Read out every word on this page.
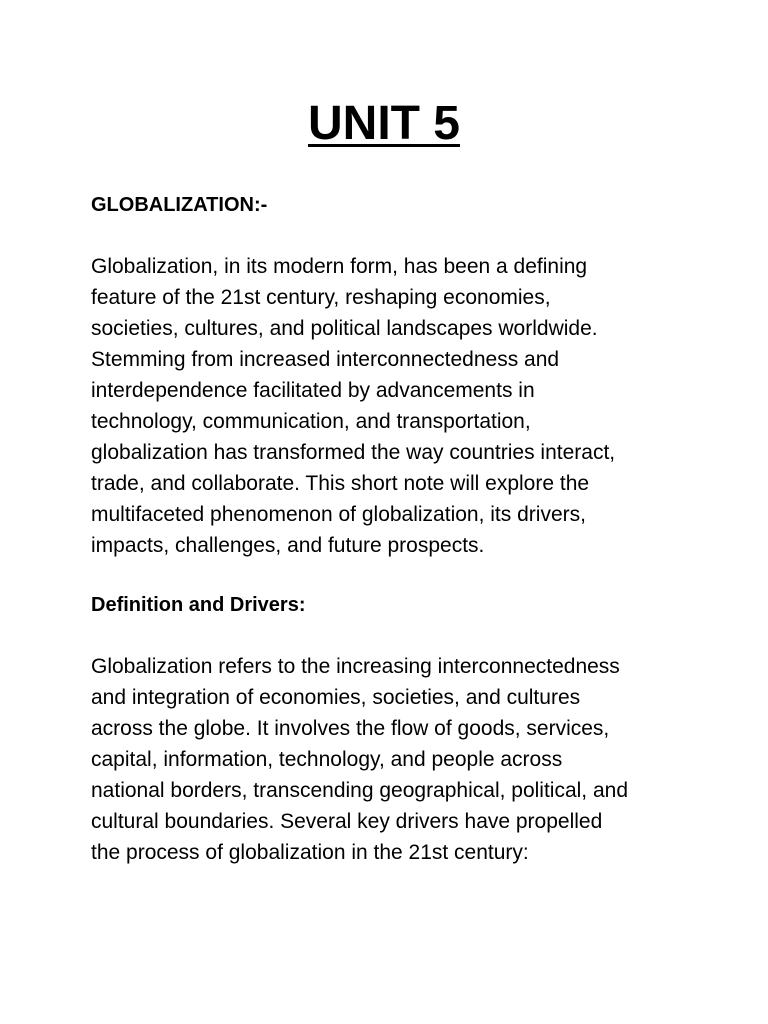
UNIT 5
GLOBALIZATION:-

Globalization, in its modern form, has been a defining
feature of the 21st century, reshaping economies,
societies, cultures, and political landscapes worldwide.
Stemming from increased interconnectedness and
interdependence facilitated by advancements in
technology, communication, and transportation,
globalization has transformed the way countries interact,
trade, and collaborate. This short note will explore the
multifaceted phenomenon of globalization, its drivers,
impacts, challenges, and future prospects.

Definition and Drivers:

Globalization refers to the increasing interconnectedness
and integration of economies, societies, and cultures
across the globe. It involves the flow of goods, services,
capital, information, technology, and people across
national borders, transcending geographical, political, and
cultural boundaries. Several key drivers have propelled
the process of globalization in the 21st century:
